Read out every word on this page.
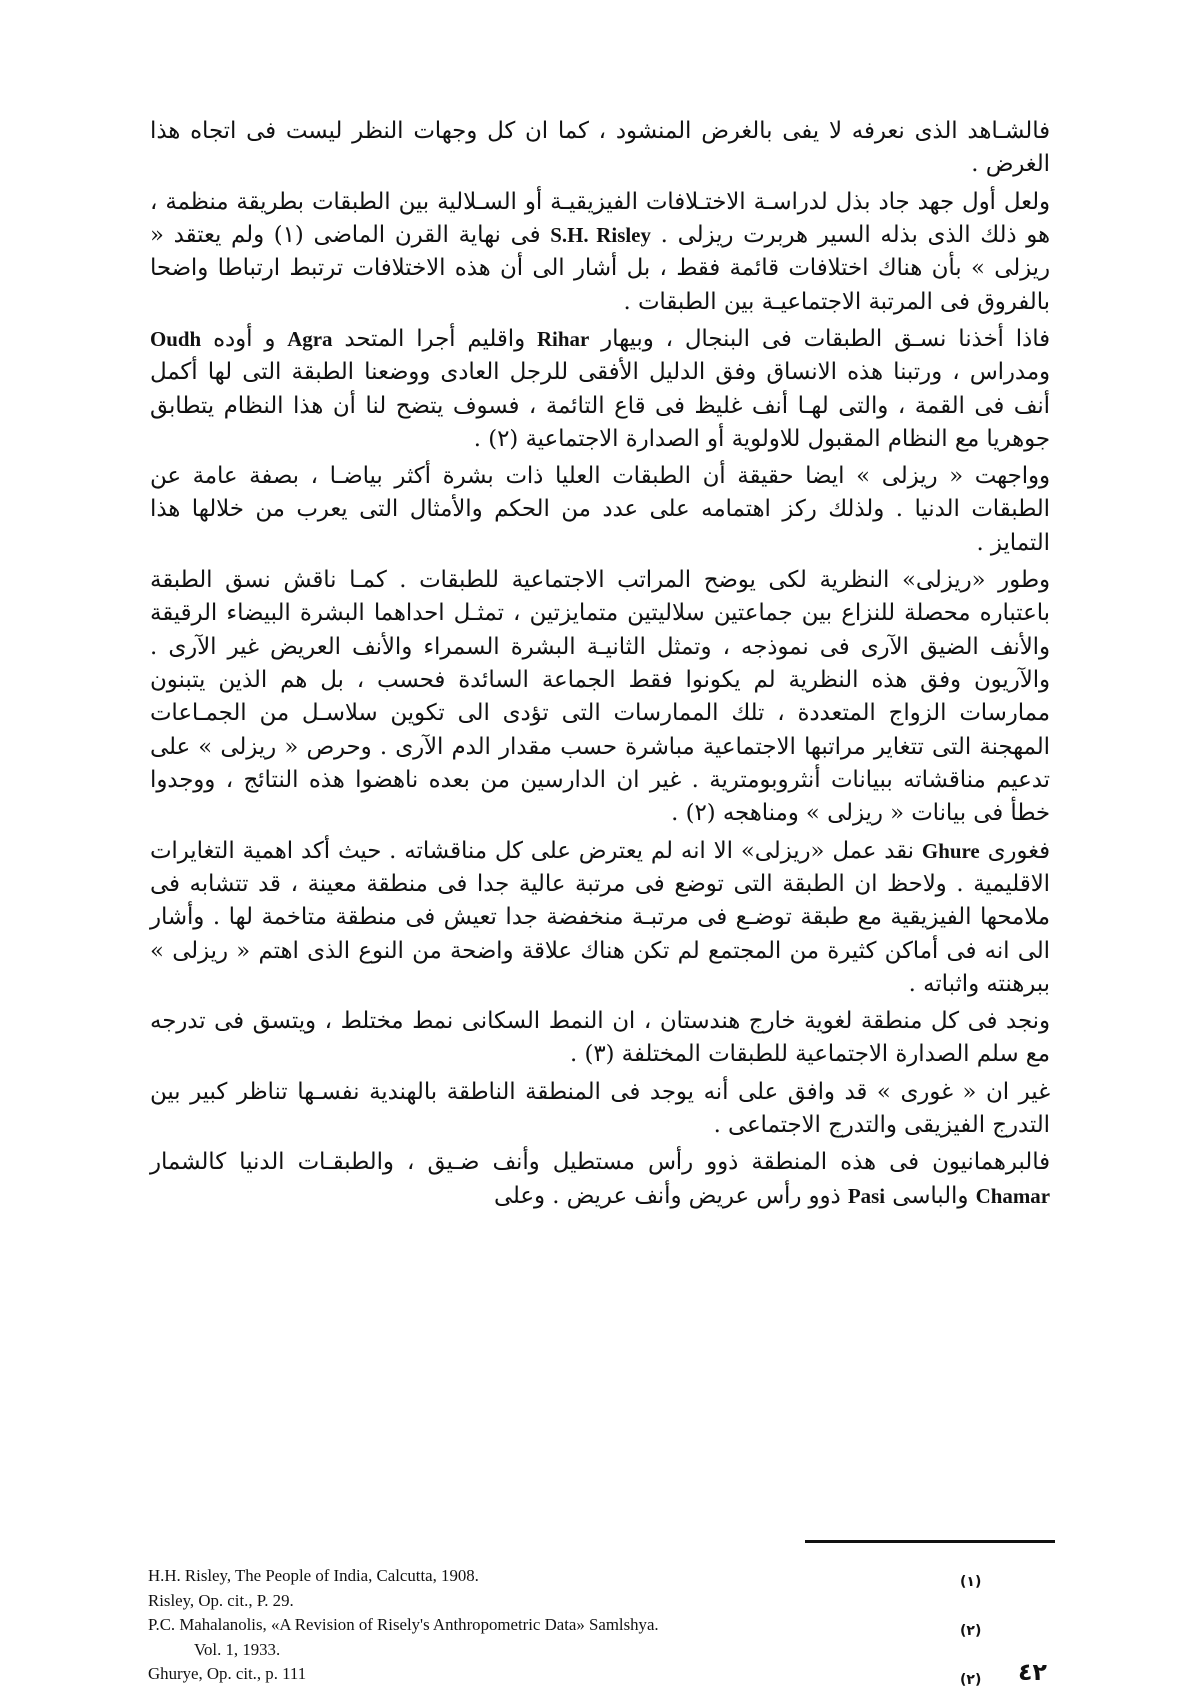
فالشـاهد الذى نعرفه لا يفى بالغرض المنشود ، كما ان كل وجهات النظر ليست فى اتجاه هذا الغرض .

ولعل أول جهد جاد بذل لدراسـة الاختـلافات الفيزيقيـة أو السـلالية بين الطبقات بطريقة منظمة ، هو ذلك الذى بذله السير هربرت ريزلى . S.H. Risley فى نهاية القرن الماضى (١) ولم يعتقد « ريزلى » بأن هناك اختلافات قائمة فقط ، بل أشار الى أن هذه الاختلافات ترتبط ارتباطا واضحا بالفروق فى المرتبة الاجتماعيـة بين الطبقات .

فاذا أخذنا نسـق الطبقات فى البنجال ، وبيهار Rihar واقليم أجرا المتحد Agra و أوده Oudh ومدراس ، ورتبنا هذه الانساق وفق الدليل الأفقى للرجل العادى ووضعنا الطبقة التى لها أكمل أنف فى القمة ، والتى لهـا أنف غليظ فى قاع التائمة ، فسوف يتضح لنا أن هذا النظام يتطابق جوهريا مع النظام المقبول للاولوية أو الصدارة الاجتماعية (٢) .

وواجهت « ريزلى » ايضا حقيقة أن الطبقات العليا ذات بشرة أكثر بياضـا ، بصفة عامة عن الطبقات الدنيا . ولذلك ركز اهتمامه على عدد من الحكم والأمثال التى يعرب من خلالها هذا التمايز .

وطور «ريزلى» النظرية لكى يوضح المراتب الاجتماعية للطبقات . كمـا ناقش نسق الطبقة باعتباره محصلة للنزاع بين جماعتين سلاليتين متمايزتين ، تمثـل احداهما البشرة البيضاء الرقيقة والأنف الضيق الآرى فى نموذجه ، وتمثل الثانيـة البشرة السمراء والأنف العريض غير الآرى . والآريون وفق هذه النظرية لم يكونوا فقط الجماعة السائدة فحسب ، بل هم الذين يتبنون ممارسات الزواج المتعددة ، تلك الممارسات التى تؤدى الى تكوين سلاسـل من الجمـاعات المهجنة التى تتغاير مراتبها الاجتماعية مباشرة حسب مقدار الدم الآرى . وحرص « ريزلى » على تدعيم مناقشاته ببيانات أنثروبومترية . غير ان الدارسين من بعده ناهضوا هذه النتائج ، ووجدوا خطأ فى بيانات « ريزلى » ومناهجه (٢) .

فغورى Ghure نقد عمل «ريزلى» الا انه لم يعترض على كل مناقشاته . حيث أكد اهمية التغايرات الاقليمية . ولاحظ ان الطبقة التى توضع فى مرتبة عالية جدا فى منطقة معينة ، قد تتشابه فى ملامحها الفيزيقية مع طبقة توضـع فى مرتبـة منخفضة جدا تعيش فى منطقة متاخمة لها . وأشار الى انه فى أماكن كثيرة من المجتمع لم تكن هناك علاقة واضحة من النوع الذى اهتم « ريزلى » ببرهنته واثباته .

ونجد فى كل منطقة لغوية خارج هندستان ، ان النمط السكانى نمط مختلط ، ويتسق فى تدرجه مع سلم الصدارة الاجتماعية للطبقات المختلفة (٣) .

غير ان « غورى » قد وافق على أنه يوجد فى المنطقة الناطقة بالهندية نفسـها تناظر كبير بين التدرج الفيزيقى والتدرج الاجتماعى .

فالبرهمانيون فى هذه المنطقة ذوو رأس مستطيل وأنف ضـيق ، والطبقـات الدنيا كالشمار Chamar والباسى Pasi ذوو رأس عريض وأنف عريض . وعلى

H.H. Risley, The People of India, Calcutta, 1908.	(١)
Risley, Op. cit., P. 29.
P.C. Mahalanolis, «A Revision of Risely's Anthropometric Data» Samlshya.	(٢)
Vol. 1, 1933.
Ghurye, Op. cit., p. 111	(٢) ٤٢
